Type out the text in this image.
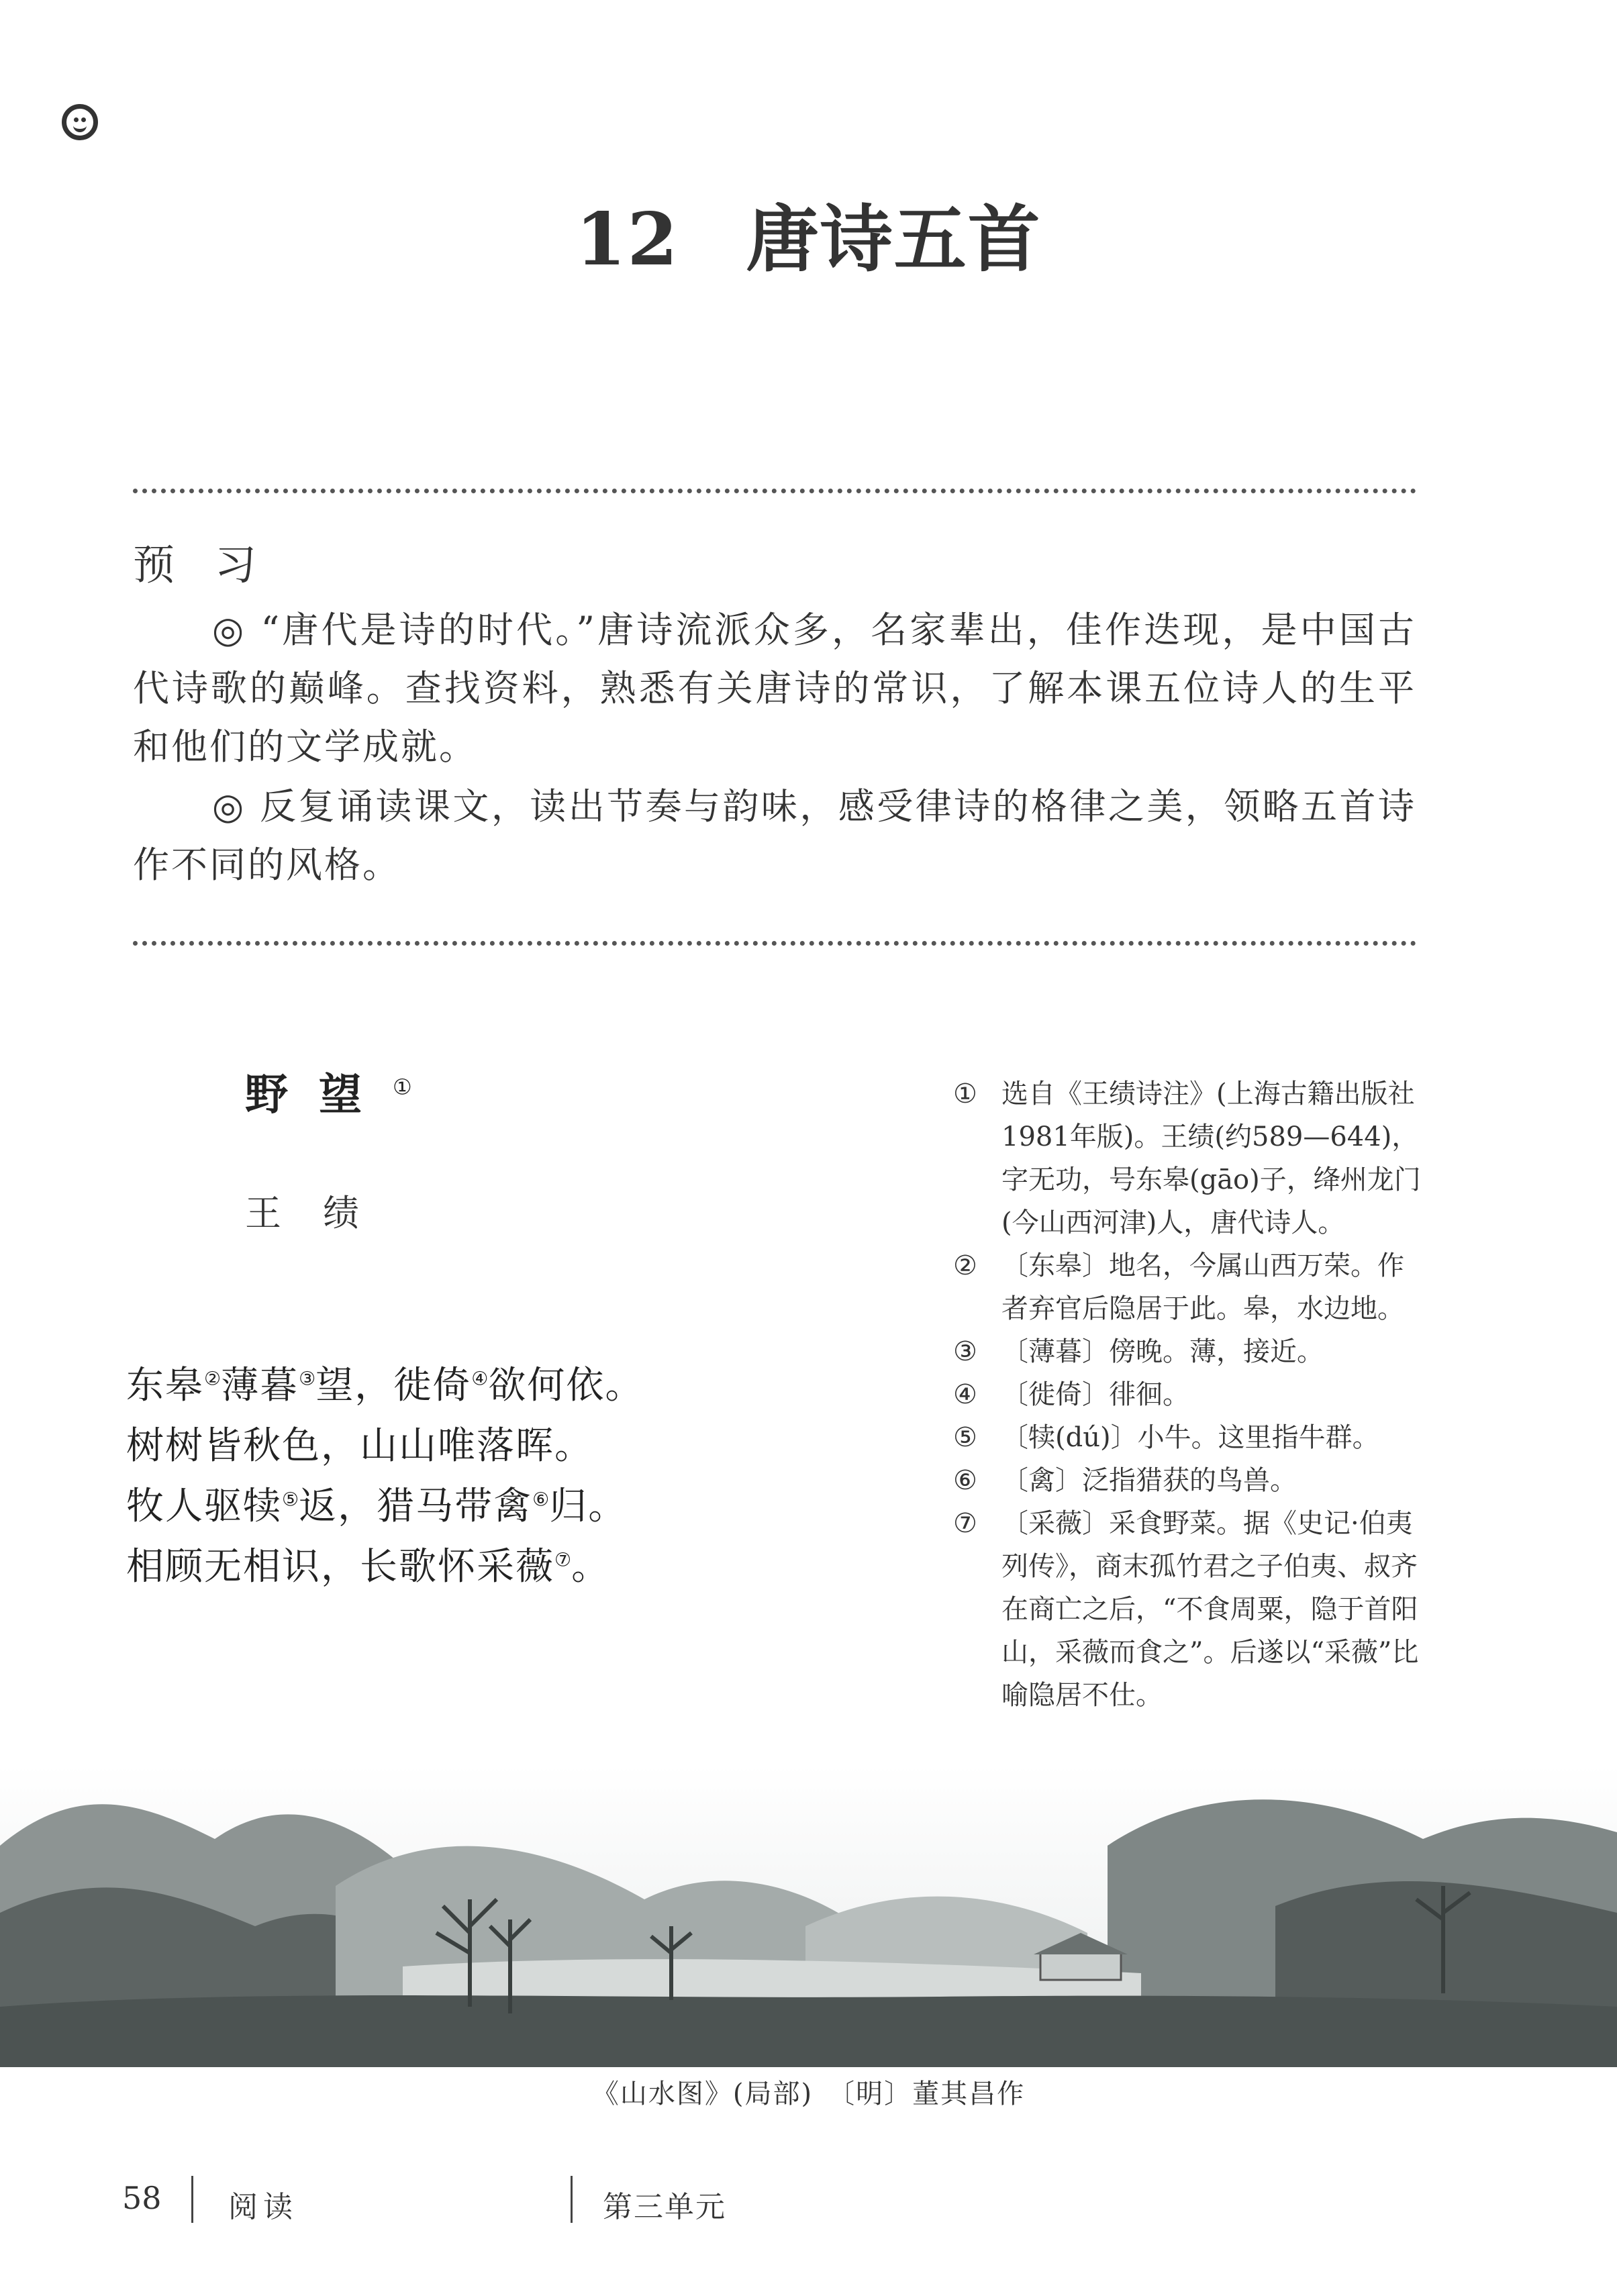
12 唐诗五首
预 习
◎ “唐代是诗的时代。”唐诗流派众多，名家辈出，佳作迭现，是中国古代诗歌的巅峰。查找资料，熟悉有关唐诗的常识，了解本课五位诗人的生平和他们的文学成就。
◎ 反复诵读课文，读出节奏与韵味，感受律诗的格律之美，领略五首诗作不同的风格。
野望①
王绩
东皋②薄暮③望，徙倚④欲何依。
树树皆秋色，山山唯落晖。
牧人驱犊⑤返，猎马带禽⑥归。
相顾无相识，长歌怀采薇⑦。
① 选自《王绩诗注》(上海古籍出版社1981年版)。王绩(约589—644)，字无功，号东皋(gāo)子，绛州龙门(今山西河津)人，唐代诗人。
② 〔东皋〕地名，今属山西万荣。作者弃官后隐居于此。皋，水边地。
③ 〔薄暮〕傍晚。薄，接近。
④ 〔徙倚〕徘徊。
⑤ 〔犊(dú)〕小牛。这里指牛群。
⑥ 〔禽〕泛指猎获的鸟兽。
⑦ 〔采薇〕采食野菜。据《史记·伯夷列传》，商末孤竹君之子伯夷、叔齐在商亡之后，“不食周粟，隐于首阳山，采薇而食之”。后遂以“采薇”比喻隐居不仕。
《山水图》(局部)　〔明〕董其昌作
58 阅读	第三单元
